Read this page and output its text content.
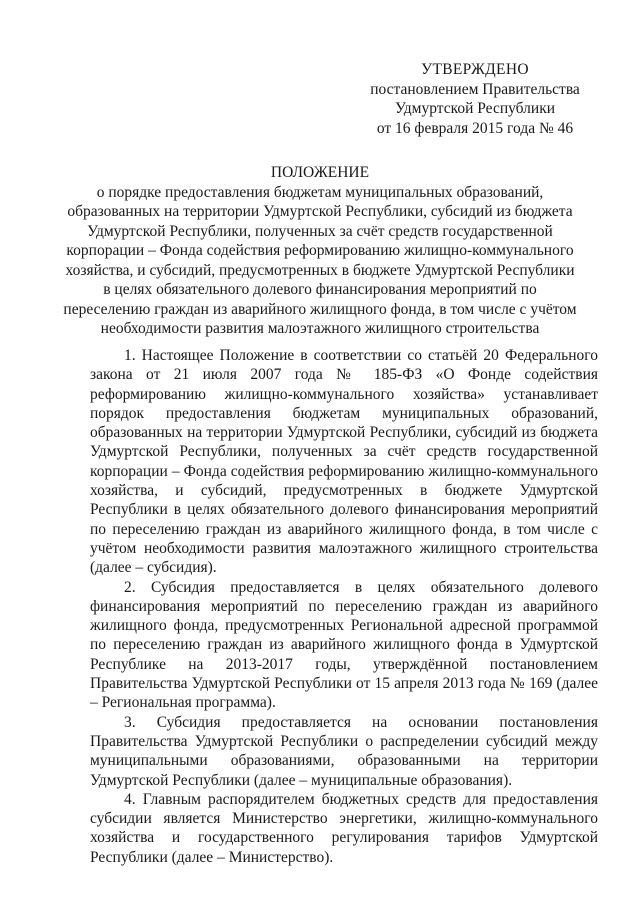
УТВЕРЖДЕНО
постановлением Правительства
Удмуртской Республики
от 16 февраля 2015 года № 46
ПОЛОЖЕНИЕ
о порядке предоставления бюджетам муниципальных образований, образованных на территории Удмуртской Республики, субсидий из бюджета Удмуртской Республики, полученных за счёт средств государственной корпорации – Фонда содействия реформированию жилищно-коммунального хозяйства, и субсидий, предусмотренных в бюджете Удмуртской Республики в целях обязательного долевого финансирования мероприятий по переселению граждан из аварийного жилищного фонда, в том числе с учётом необходимости развития малоэтажного жилищного строительства

1. Настоящее Положение в соответствии со статьёй 20 Федерального закона от 21 июля 2007 года № 185-ФЗ «О Фонде содействия реформированию жилищно-коммунального хозяйства» устанавливает порядок предоставления бюджетам муниципальных образований, образованных на территории Удмуртской Республики, субсидий из бюджета Удмуртской Республики, полученных за счёт средств государственной корпорации – Фонда содействия реформированию жилищно-коммунального хозяйства, и субсидий, предусмотренных в бюджете Удмуртской Республики в целях обязательного долевого финансирования мероприятий по переселению граждан из аварийного жилищного фонда, в том числе с учётом необходимости развития малоэтажного жилищного строительства (далее – субсидия).

2. Субсидия предоставляется в целях обязательного долевого финансирования мероприятий по переселению граждан из аварийного жилищного фонда, предусмотренных Региональной адресной программой по переселению граждан из аварийного жилищного фонда в Удмуртской Республике на 2013-2017 годы, утверждённой постановлением Правительства Удмуртской Республики от 15 апреля 2013 года № 169 (далее – Региональная программа).

3. Субсидия предоставляется на основании постановления Правительства Удмуртской Республики о распределении субсидий между муниципальными образованиями, образованными на территории Удмуртской Республики (далее – муниципальные образования).

4. Главным распорядителем бюджетных средств для предоставления субсидии является Министерство энергетики, жилищно-коммунального хозяйства и государственного регулирования тарифов Удмуртской Республики (далее – Министерство).
